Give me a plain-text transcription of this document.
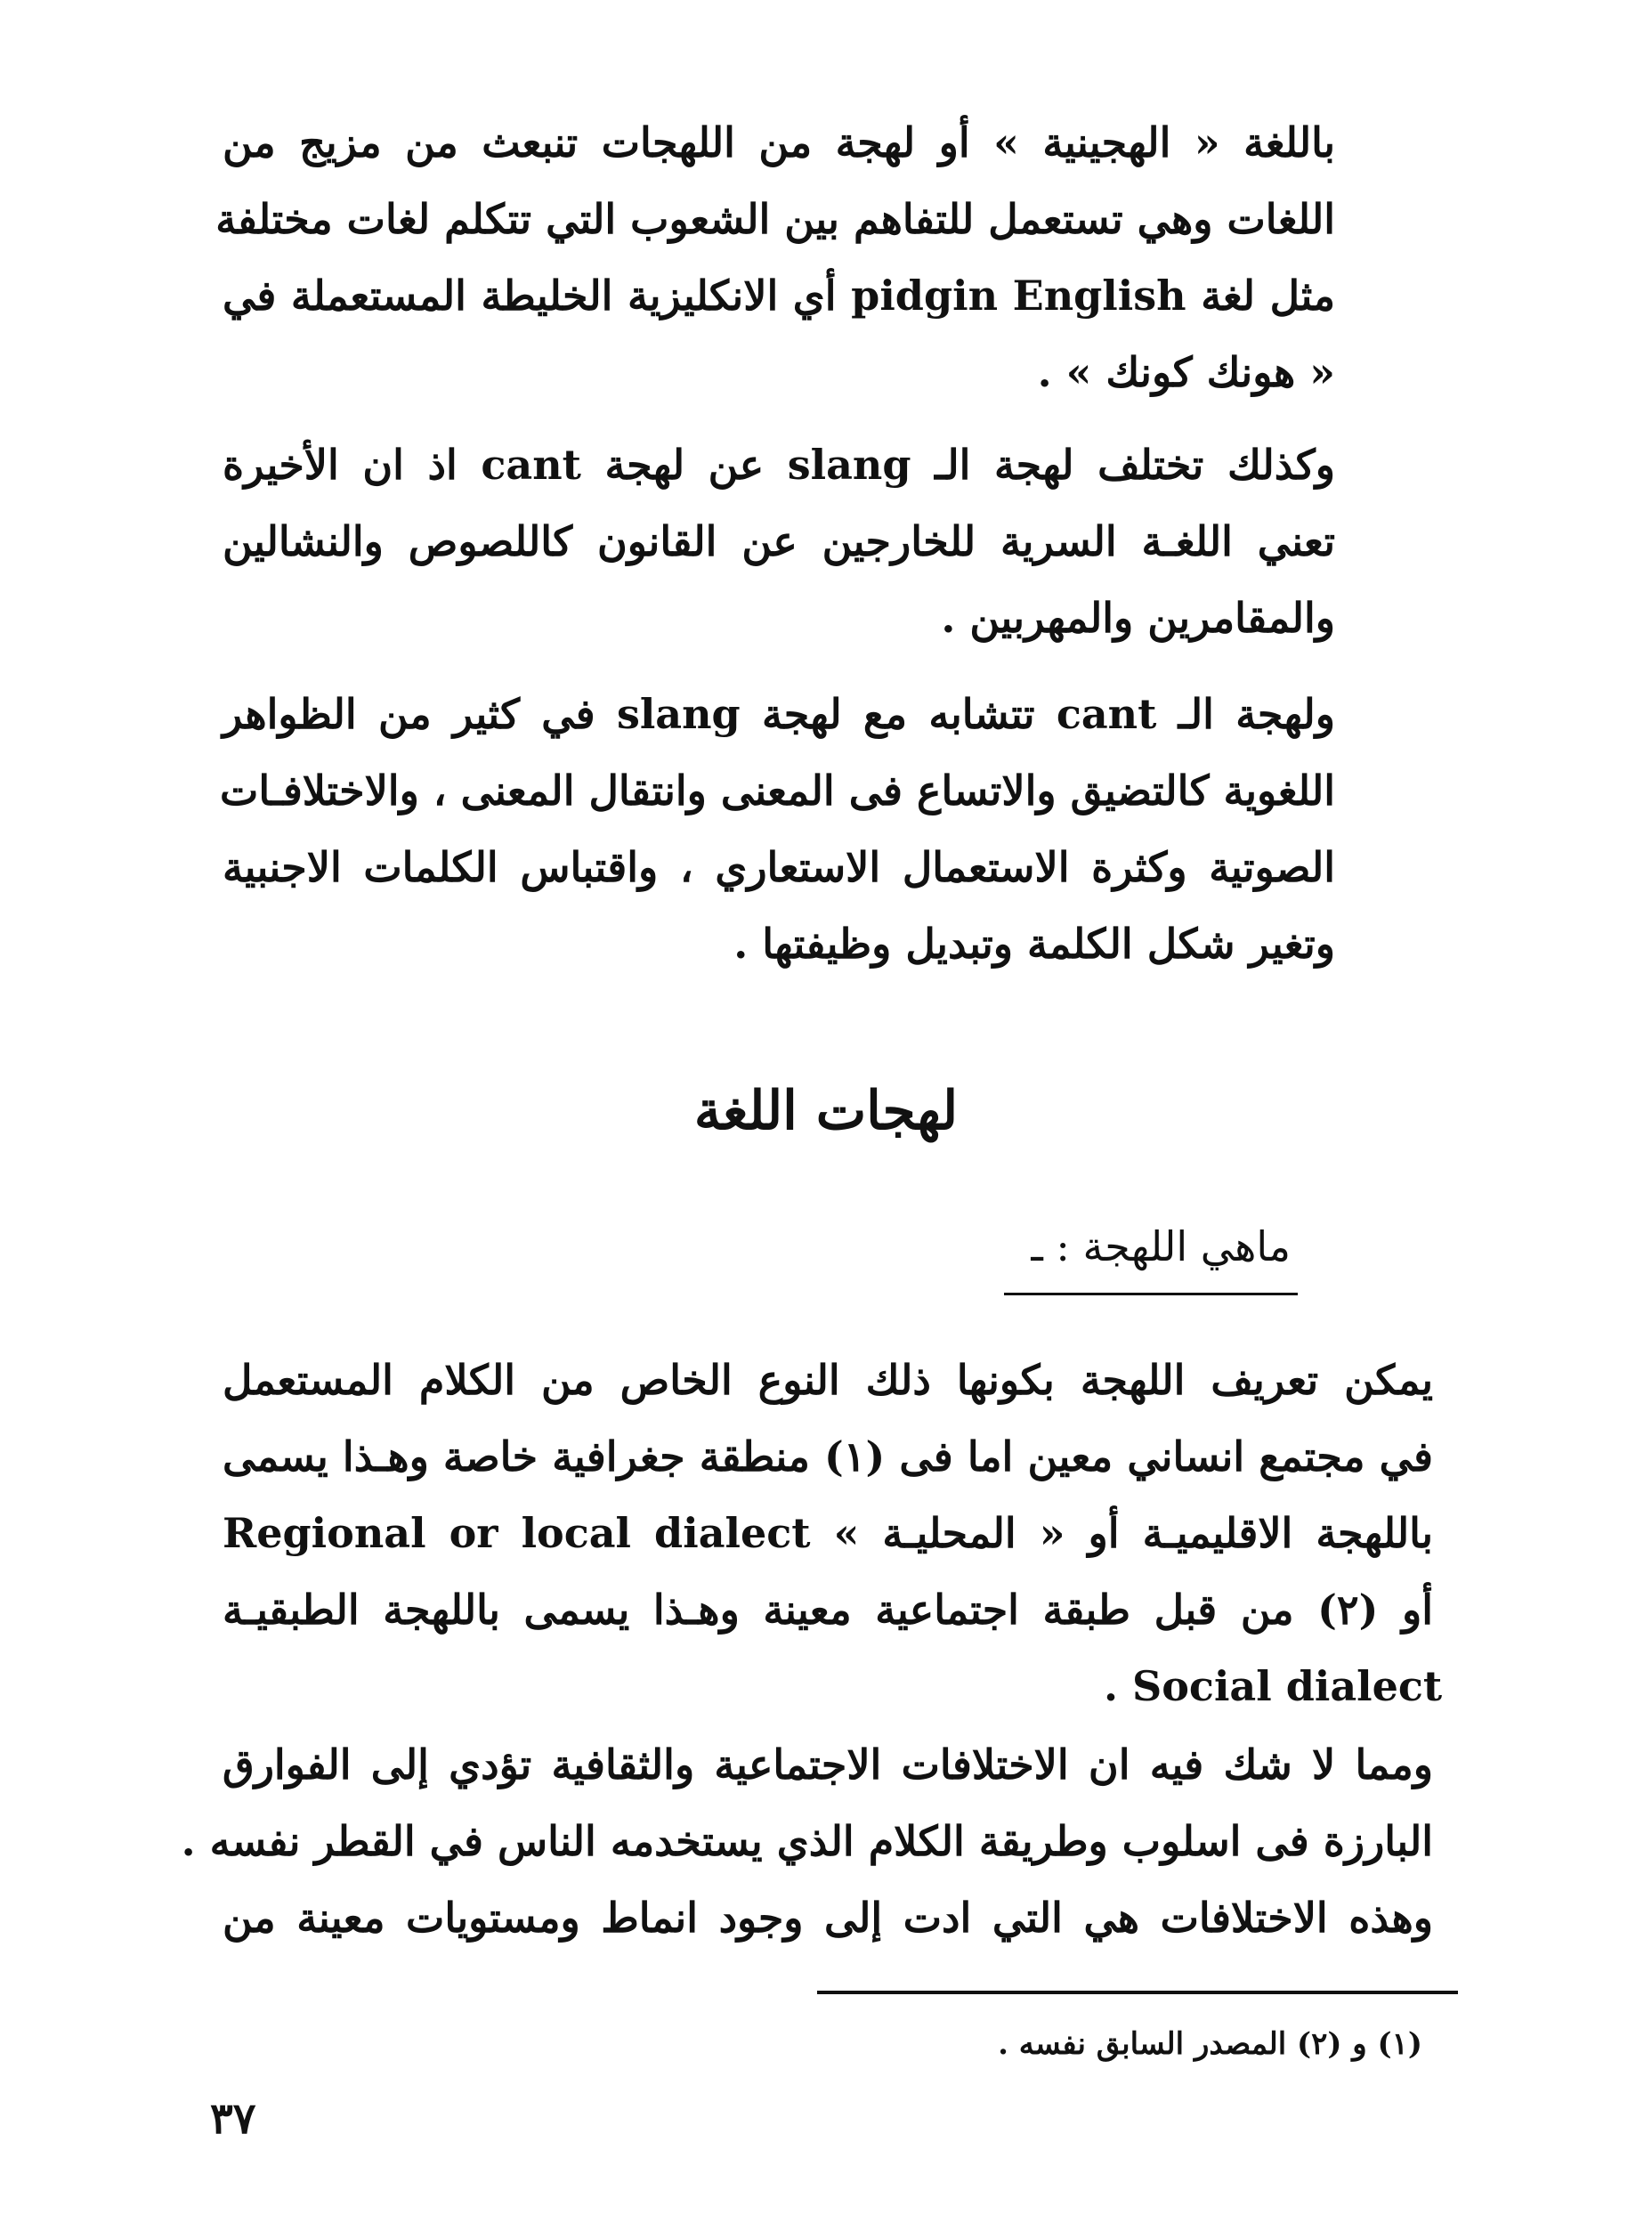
باللغة « الهجينية » أو لهجة من اللهجات تنبعث من مزيج من
اللغات وهي تستعمل للتفاهم بين الشعوب التي تتكلم لغات مختلفة
مثل لغة pidgin English أي الانكليزية الخليطة المستعملة في
« هونك كونك » .
وكذلك تختلف لهجة الـ slang عن لهجة cant اذ ان الأخيرة
تعني اللغـة السرية للخارجين عن القانون كاللصوص والنشالين
والمقامرين والمهربين .
ولهجة الـ cant تتشابه مع لهجة slang في كثير من الظواهر
اللغوية كالتضيق والاتساع فى المعنى وانتقال المعنى ، والاختلافـات
الصوتية وكثرة الاستعمال الاستعاري ، واقتباس الكلمات الاجنبية
وتغير شكل الكلمة وتبديل وظيفتها .
لهجات اللغة
ماهي اللهجة : ـ
يمكن تعريف اللهجة بكونها ذلك النوع الخاص من الكلام المستعمل
في مجتمع انساني معين اما فى (١) منطقة جغرافية خاصة وهـذا يسمى
باللهجة الاقليميـة أو « المحليـة » Regional or local dialect
أو (٢) من قبل طبقة اجتماعية معينة وهـذا يسمى باللهجة الطبقيـة
. Social dialect
ومما لا شك فيه ان الاختلافات الاجتماعية والثقافية تؤدي إلى الفوارق
البارزة فى اسلوب وطريقة الكلام الذي يستخدمه الناس في القطر نفسه .
وهذه الاختلافات هي التي ادت إلى وجود انماط ومستويات معينة من
(١) و (٢) المصدر السابق نفسه .
٣٧
